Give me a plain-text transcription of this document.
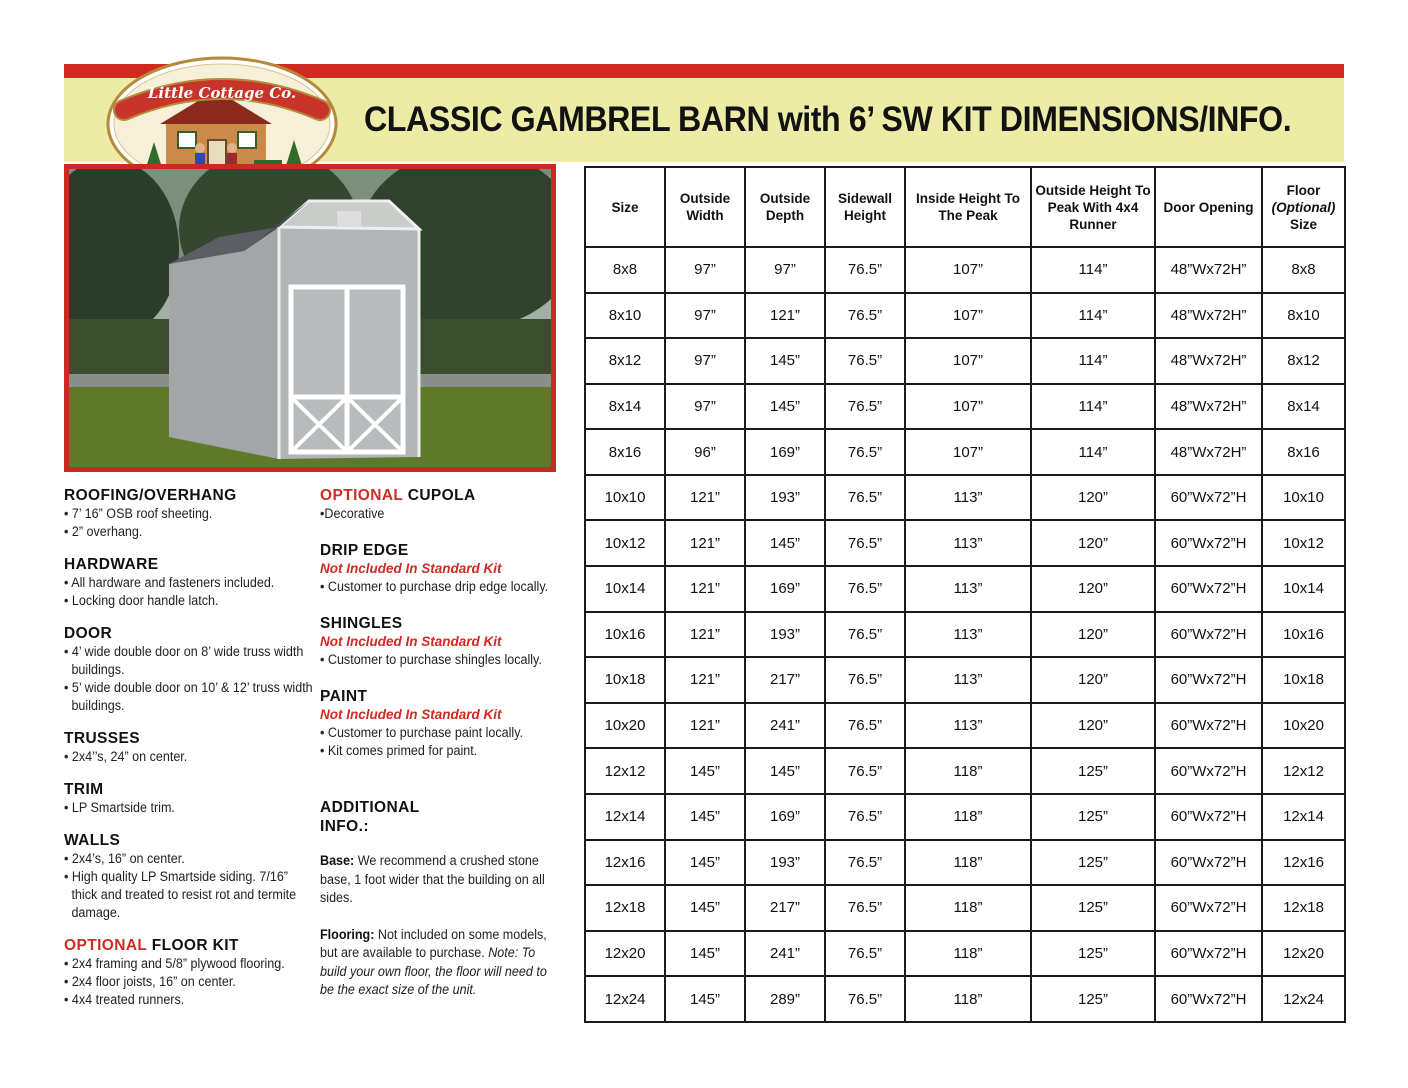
CLASSIC GAMBREL BARN with 6’ SW KIT DIMENSIONS/INFO.
Little Cottage Co.
ROOFING/OVERHANG
• 7’ 16” OSB roof sheeting.
• 2” overhang.
HARDWARE
• All hardware and fasteners included.
• Locking door handle latch.
DOOR
• 4’ wide double door on 8’ wide truss width buildings.
• 5’ wide double door on 10’ & 12’ truss width buildings.
TRUSSES
• 2x4’’s, 24” on center.
TRIM
• LP Smartside trim.
WALLS
• 2x4’s, 16” on center.
• High quality LP Smartside siding. 7/16” thick and treated to resist rot and termite damage.
OPTIONAL FLOOR KIT
• 2x4 framing and 5/8” plywood flooring.
• 2x4 floor joists, 16” on center.
• 4x4 treated runners.
OPTIONAL CUPOLA
•Decorative
DRIP EDGE
Not Included In Standard Kit
• Customer to purchase drip edge locally.
SHINGLES
Not Included In Standard Kit
• Customer to purchase shingles locally.
PAINT
Not Included In Standard Kit
• Customer to purchase paint locally.
• Kit comes primed for paint.
ADDITIONAL INFO.:

Base: We recommend a crushed stone base, 1 foot wider that the building on all sides.

Flooring: Not included on some models, but are available to purchase. Note: To build your own floor, the floor will need to be the exact size of the unit.

Size	Outside Width	Outside Depth	Sidewall Height	Inside Height To The Peak	Outside Height To Peak With 4x4 Runner	Door Opening	Floor
(Optional)
Size
8x8	97”	97”	76.5”	107”	114”	48”Wx72H”	8x8
8x10	97”	121”	76.5”	107”	114”	48”Wx72H”	8x10
8x12	97”	145”	76.5”	107”	114”	48”Wx72H”	8x12
8x14	97”	145”	76.5”	107”	114”	48”Wx72H”	8x14
8x16	96”	169”	76.5”	107”	114”	48”Wx72H”	8x16
10x10	121”	193”	76.5”	113”	120”	60”Wx72”H	10x10
10x12	121”	145”	76.5”	113”	120”	60”Wx72”H	10x12
10x14	121”	169”	76.5”	113”	120”	60”Wx72”H	10x14
10x16	121”	193”	76.5”	113”	120”	60”Wx72”H	10x16
10x18	121”	217”	76.5”	113”	120”	60”Wx72”H	10x18
10x20	121”	241”	76.5”	113”	120”	60”Wx72”H	10x20
12x12	145”	145”	76.5”	118”	125”	60”Wx72”H	12x12
12x14	145”	169”	76.5”	118”	125”	60”Wx72”H	12x14
12x16	145”	193”	76.5”	118”	125”	60”Wx72”H	12x16
12x18	145”	217”	76.5”	118”	125”	60”Wx72”H	12x18
12x20	145”	241”	76.5”	118”	125”	60”Wx72”H	12x20
12x24	145”	289”	76.5”	118”	125”	60”Wx72”H	12x24
